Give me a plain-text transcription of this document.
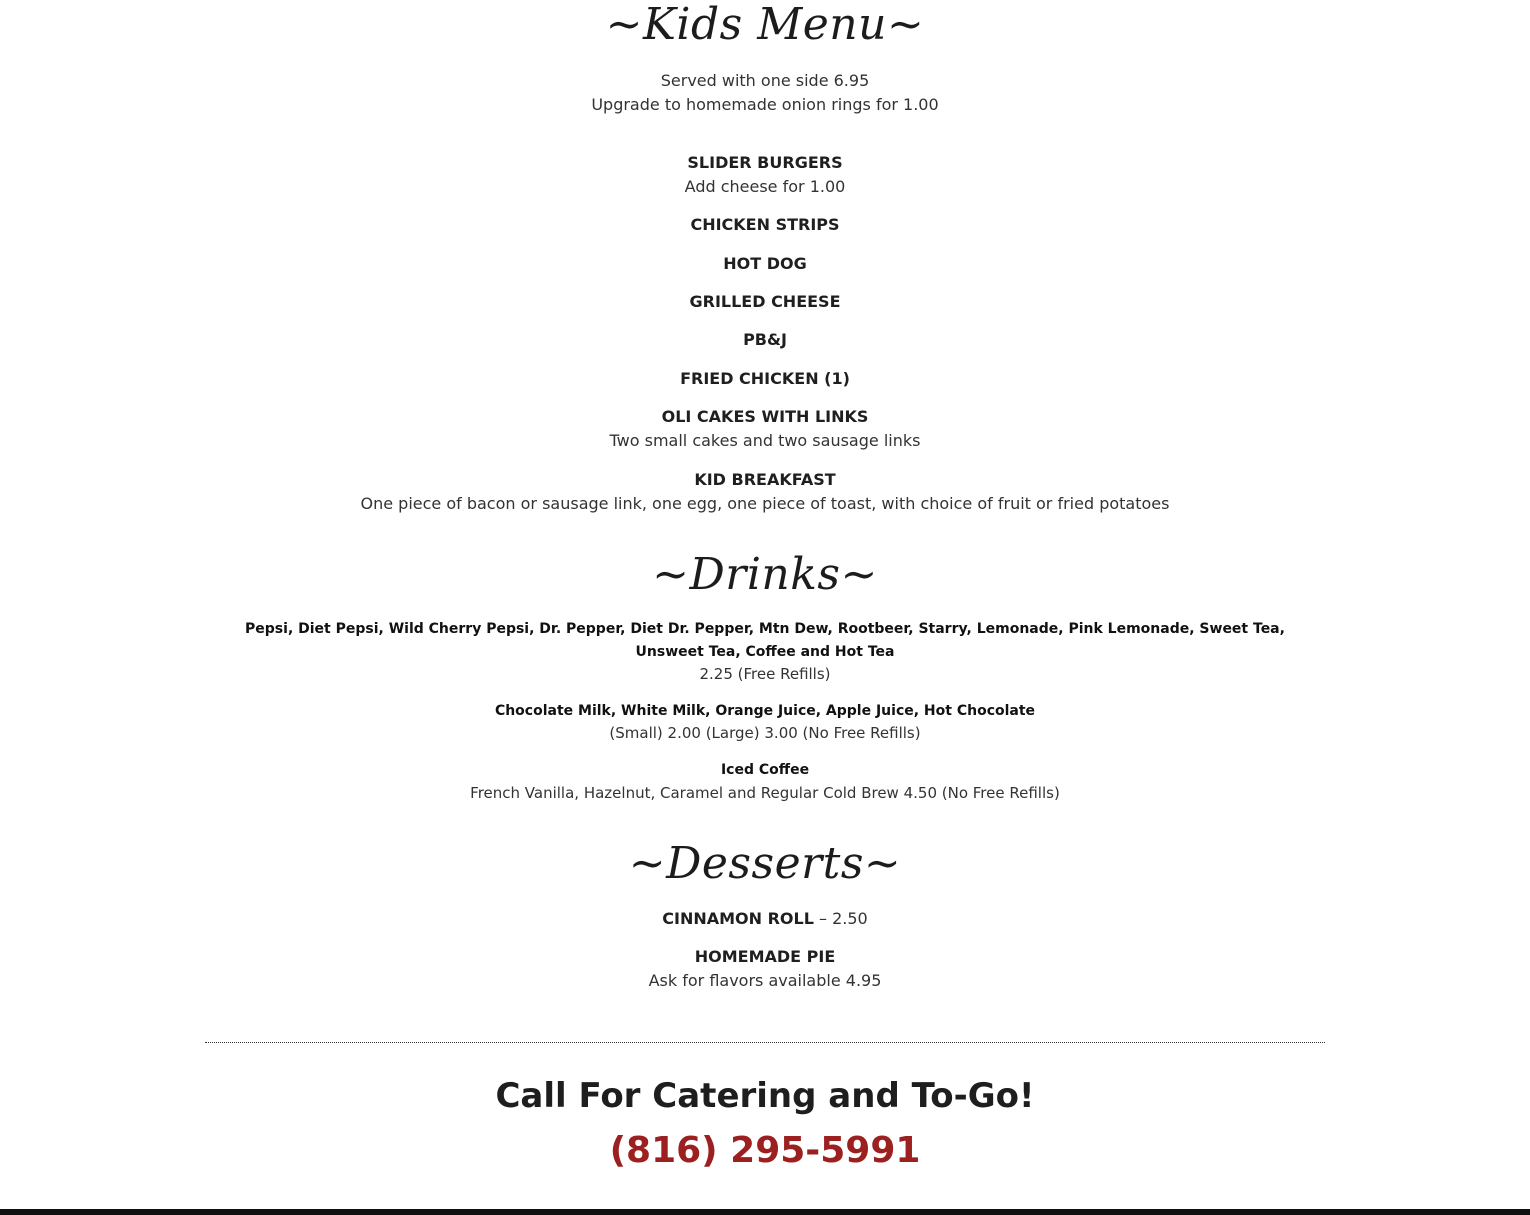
~Kids Menu~
Served with one side 6.95
Upgrade to homemade onion rings for 1.00
SLIDER BURGERS
Add cheese for 1.00
CHICKEN STRIPS
HOT DOG
GRILLED CHEESE
PB&J
FRIED CHICKEN (1)
OLI CAKES WITH LINKS
Two small cakes and two sausage links
KID BREAKFAST
One piece of bacon or sausage link, one egg, one piece of toast, with choice of fruit or fried potatoes
~Drinks~
Pepsi, Diet Pepsi, Wild Cherry Pepsi, Dr. Pepper, Diet Dr. Pepper, Mtn Dew, Rootbeer, Starry, Lemonade, Pink Lemonade, Sweet Tea, Unsweet Tea, Coffee and Hot Tea
2.25 (Free Refills)
Chocolate Milk, White Milk, Orange Juice, Apple Juice, Hot Chocolate
(Small) 2.00 (Large) 3.00 (No Free Refills)
Iced Coffee
French Vanilla, Hazelnut, Caramel and Regular Cold Brew 4.50 (No Free Refills)
~Desserts~
CINNAMON ROLL – 2.50
HOMEMADE PIE
Ask for flavors available 4.95
Call For Catering and To-Go!
(816) 295-5991
